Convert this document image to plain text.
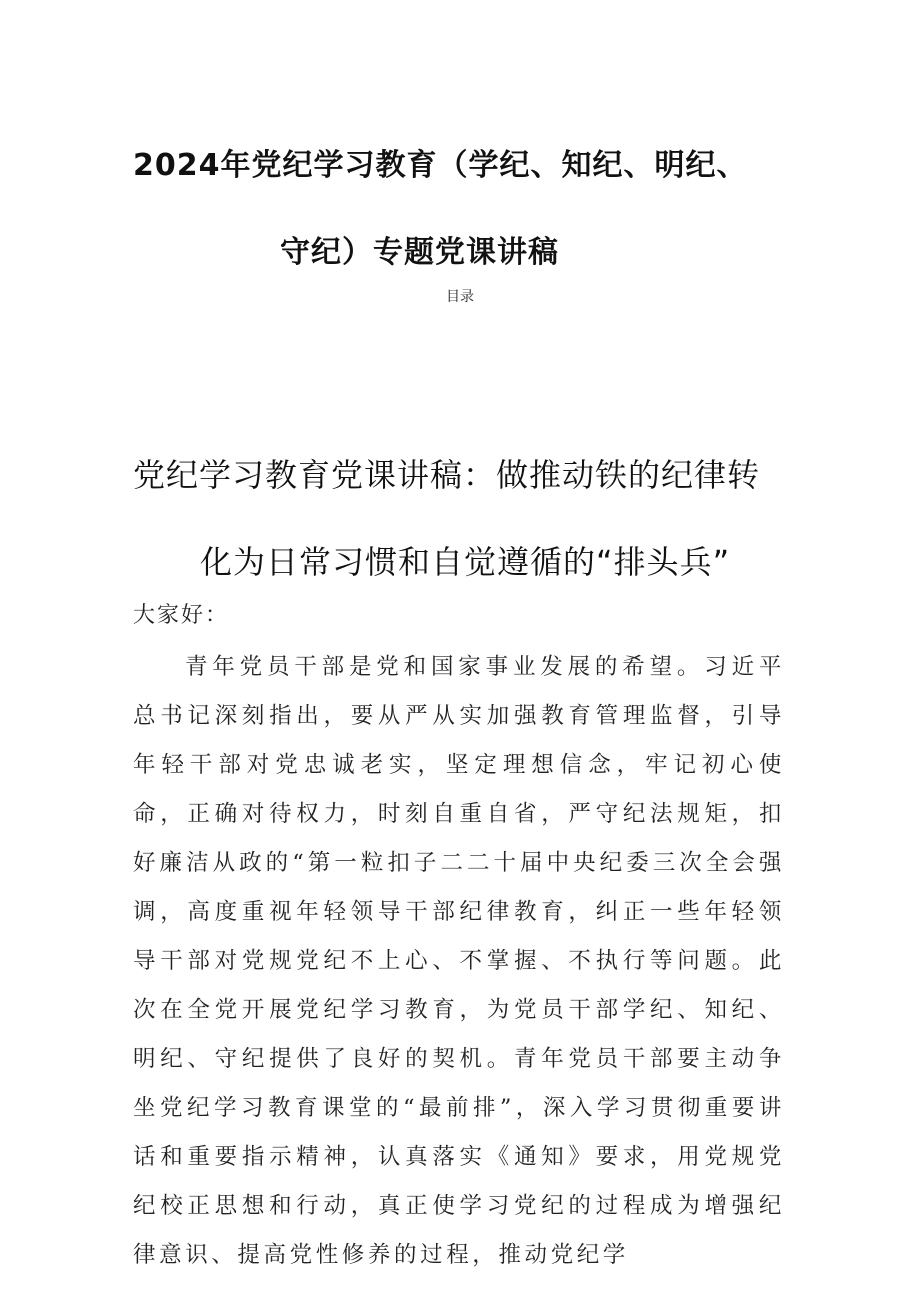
2024年党纪学习教育（学纪、知纪、明纪、
守纪）专题党课讲稿
目录
党纪学习教育党课讲稿：做推动铁的纪律转
化为日常习惯和自觉遵循的“排头兵”
大家好：

青年党员干部是党和国家事业发展的希望。习近平总书记深刻指出，要从严从实加强教育管理监督，引导年轻干部对党忠诚老实，坚定理想信念，牢记初心使命，正确对待权力，时刻自重自省，严守纪法规矩，扣好廉洁从政的“第一粒扣子二二十届中央纪委三次全会强调，高度重视年轻领导干部纪律教育，纠正一些年轻领导干部对党规党纪不上心、不掌握、不执行等问题。此次在全党开展党纪学习教育，为党员干部学纪、知纪、明纪、守纪提供了良好的契机。青年党员干部要主动争坐党纪学习教育课堂的“最前排”，深入学习贯彻重要讲话和重要指示精神，认真落实《通知》要求，用党规党纪校正思想和行动，真正使学习党纪的过程成为增强纪律意识、提高党性修养的过程，推动党纪学
